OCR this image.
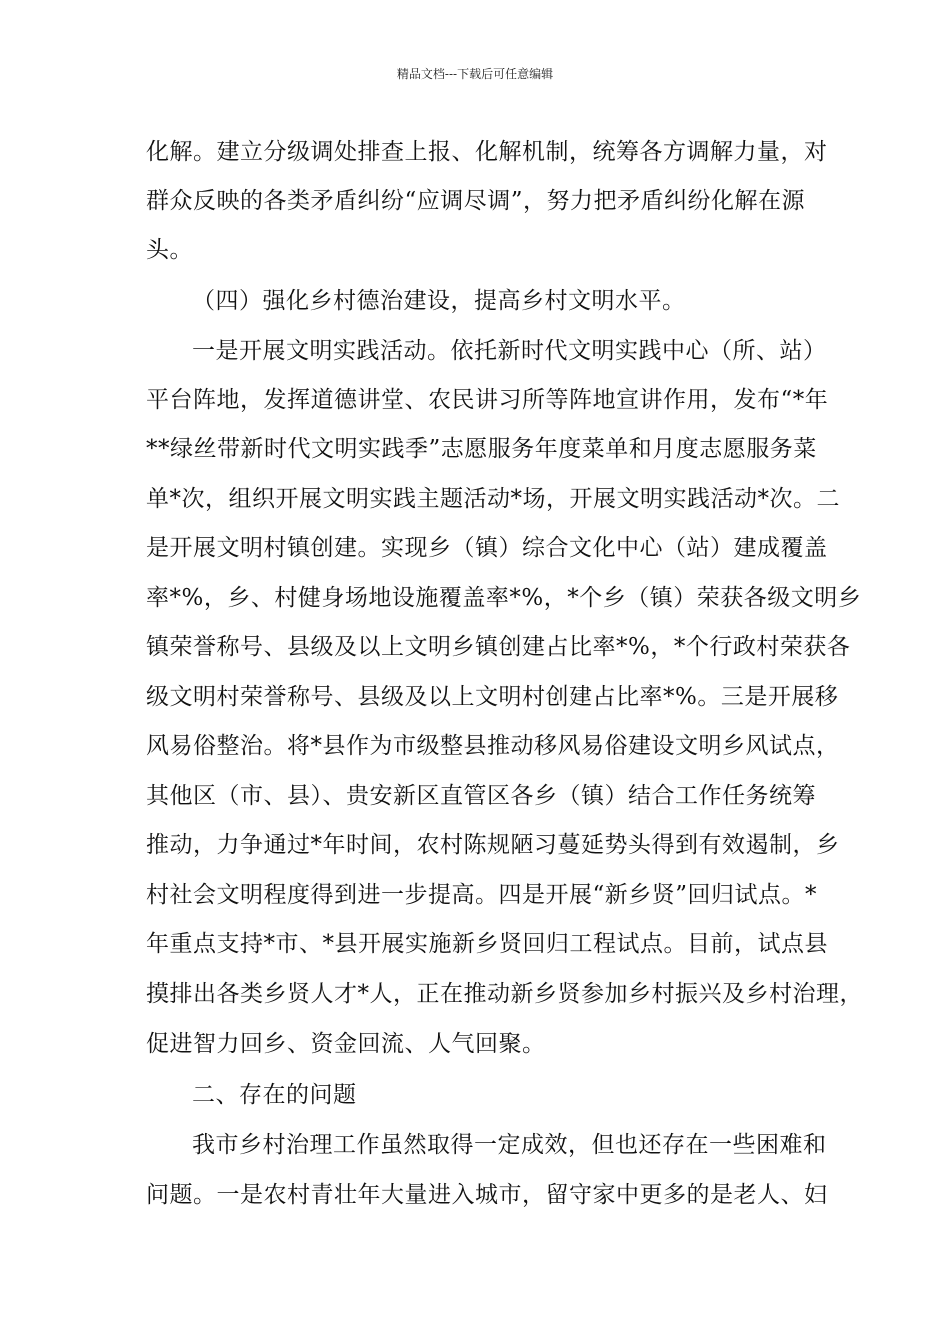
精品文档---下载后可任意编辑
化解。建立分级调处排查上报、化解机制，统筹各方调解力量，对
群众反映的各类矛盾纠纷“应调尽调”，努力把矛盾纠纷化解在源
头。
（四）强化乡村德治建设，提高乡村文明水平。
一是开展文明实践活动。依托新时代文明实践中心（所、站）
平台阵地，发挥道德讲堂、农民讲习所等阵地宣讲作用，发布“*年
**绿丝带新时代文明实践季”志愿服务年度菜单和月度志愿服务菜
单*次，组织开展文明实践主题活动*场，开展文明实践活动*次。二
是开展文明村镇创建。实现乡（镇）综合文化中心（站）建成覆盖
率*%，乡、村健身场地设施覆盖率*%，*个乡（镇）荣获各级文明乡
镇荣誉称号、县级及以上文明乡镇创建占比率*%，*个行政村荣获各
级文明村荣誉称号、县级及以上文明村创建占比率*%。三是开展移
风易俗整治。将*县作为市级整县推动移风易俗建设文明乡风试点，
其他区（市、县）、贵安新区直管区各乡（镇）结合工作任务统筹
推动，力争通过*年时间，农村陈规陋习蔓延势头得到有效遏制，乡
村社会文明程度得到进一步提高。四是开展“新乡贤”回归试点。*
年重点支持*市、*县开展实施新乡贤回归工程试点。目前，试点县
摸排出各类乡贤人才*人，正在推动新乡贤参加乡村振兴及乡村治理，
促进智力回乡、资金回流、人气回聚。
二、存在的问题
我市乡村治理工作虽然取得一定成效，但也还存在一些困难和
问题。一是农村青壮年大量进入城市，留守家中更多的是老人、妇
